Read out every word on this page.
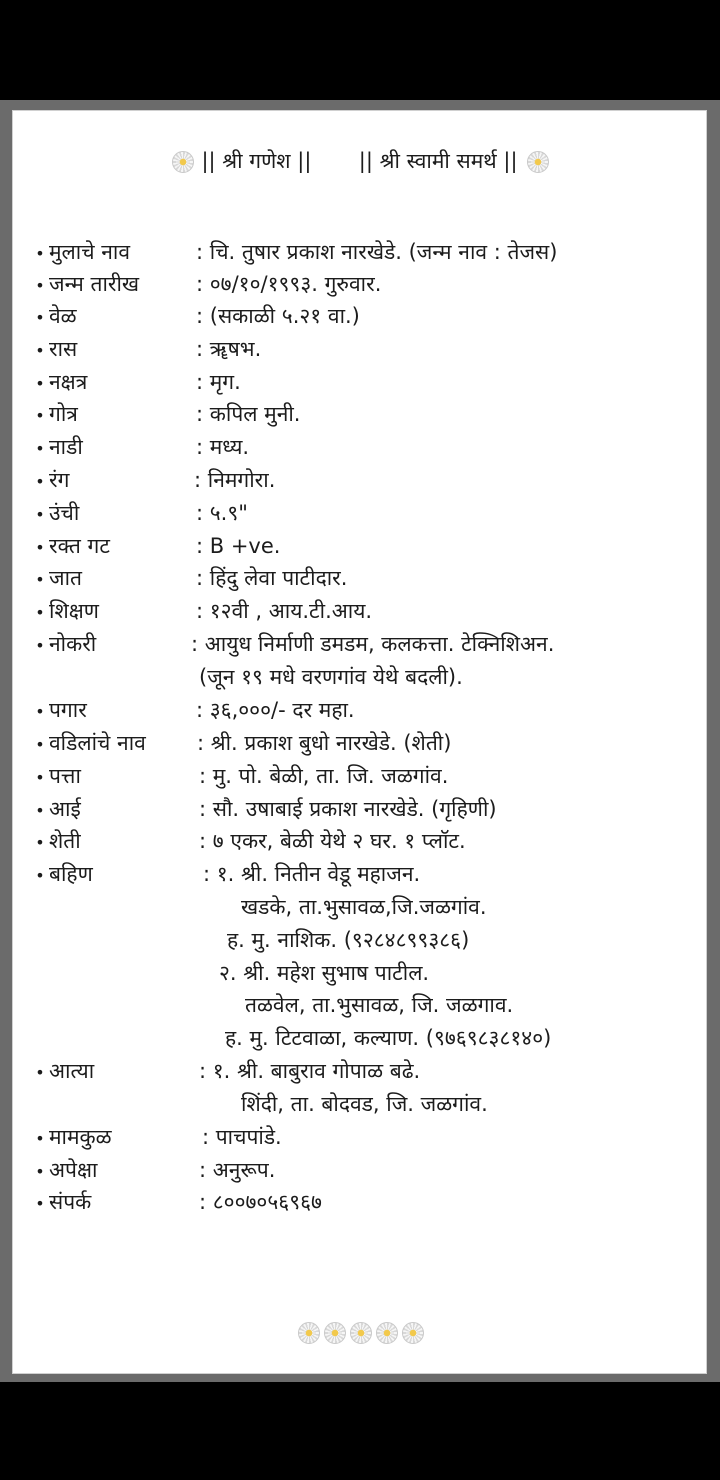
|| श्री गणेश || || श्री स्वामी समर्थ ||
• मुलाचे नाव	: चि. तुषार प्रकाश नारखेडे. (जन्म नाव : तेजस)
• जन्म तारीख	: ०७/१०/१९९३. गुरुवार.
• वेळ	: (सकाळी ५.२१ वा.)
• रास	: ॠषभ.
• नक्षत्र	: मृग.
• गोत्र	: कपिल मुनी.
• नाडी	: मध्य.
• रंग	: निमगोरा.
• उंची	: ५.९"
• रक्त गट	: B +ve.
• जात	: हिंदु लेवा पाटीदार.
•शिक्षण	: १२वी , आय.टी.आय.
• नोकरी	: आयुध निर्माणी डमडम, कलकत्ता. टेक्निशिअन.
(जून १९ मधे वरणगांव येथे बदली).
• पगार	: ३६,०००/- दर महा.
• वडिलांचे नाव : श्री. प्रकाश बुधो नारखेडे. (शेती)
• पत्ता	: मु. पो. बेळी, ता. जि. जळगांव.
• आई	: सौ. उषाबाई प्रकाश नारखेडे. (गृहिणी)
• शेती	: ७ एकर, बेळी येथे २ घर. १ प्लॉट.
• बहिण	: १. श्री. नितीन वेडू महाजन.
खडके, ता.भुसावळ,जि.जळगांव.
ह. मु. नाशिक. (९२८४८९९३८६)
२. श्री. महेश सुभाष पाटील.
तळवेल, ता.भुसावळ, जि. जळगाव.
ह. मु. टिटवाळा, कल्याण. (९७६९८३८१४०)
• आत्या	: १. श्री. बाबुराव गोपाळ बढे.
शिंदी, ता. बोदवड, जि. जळगांव.
• मामकुळ	: पाचपांडे.
• अपेक्षा	: अनुरूप.
• संपर्क	: ८००७०५६९६७
